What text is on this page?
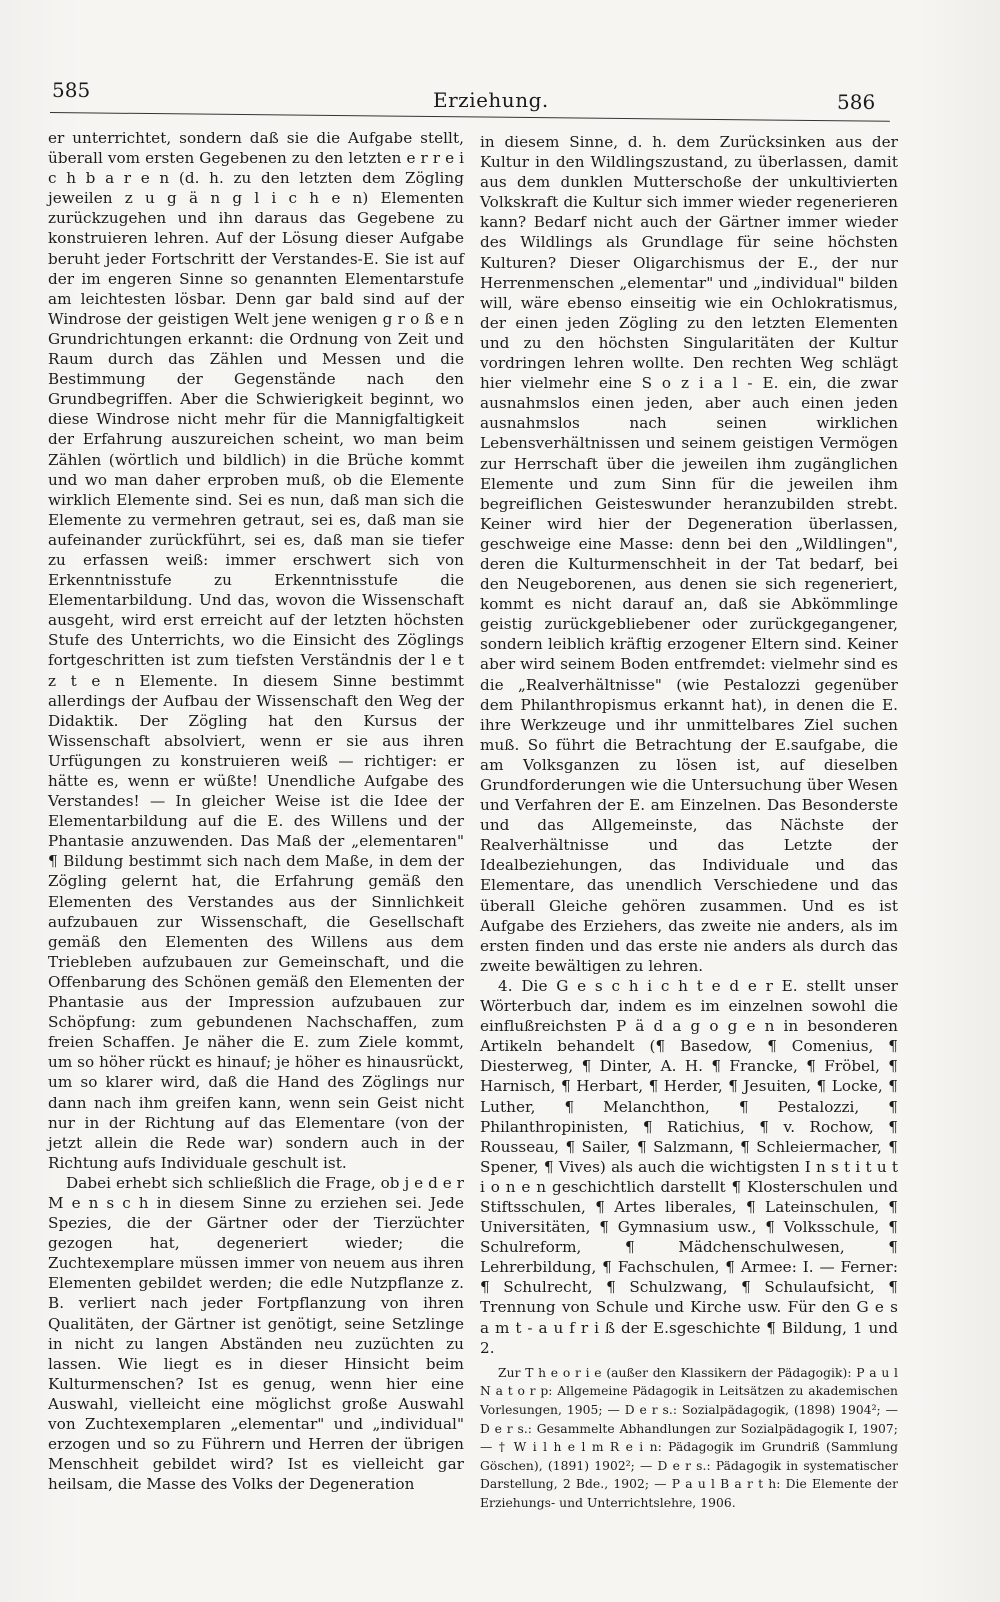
585	Erziehung.	586

er unterrichtet, sondern daß sie die Aufgabe stellt, überall vom ersten Gegebenen zu den letzten e r r e i c h b a r e n (d. h. zu den letzten dem Zögling jeweilen z u g ä n g l i c h e n) Elementen zurückzugehen und ihn daraus das Gegebene zu konstruieren lehren. Auf der Lösung dieser Aufgabe beruht jeder Fortschritt der Verstandes-E. Sie ist auf der im engeren Sinne so genannten Elementarstufe am leichtesten lösbar. Denn gar bald sind auf der Windrose der geistigen Welt jene wenigen g r o ß e n Grundrichtungen erkannt: die Ordnung von Zeit und Raum durch das Zählen und Messen und die Bestimmung der Gegenstände nach den Grundbegriffen. Aber die Schwierigkeit beginnt, wo diese Windrose nicht mehr für die Mannigfaltigkeit der Erfahrung auszureichen scheint, wo man beim Zählen (wörtlich und bildlich) in die Brüche kommt und wo man daher erproben muß, ob die Elemente wirklich Elemente sind. Sei es nun, daß man sich die Elemente zu vermehren getraut, sei es, daß man sie aufeinander zurückführt, sei es, daß man sie tiefer zu erfassen weiß: immer erschwert sich von Erkenntnisstufe zu Erkenntnisstufe die Elementarbildung. Und das, wovon die Wissenschaft ausgeht, wird erst erreicht auf der letzten höchsten Stufe des Unterrichts, wo die Einsicht des Zöglings fortgeschritten ist zum tiefsten Verständnis der l e t z t e n Elemente. In diesem Sinne bestimmt allerdings der Aufbau der Wissenschaft den Weg der Didaktik. Der Zögling hat den Kursus der Wissenschaft absolviert, wenn er sie aus ihren Urfügungen zu konstruieren weiß — richtiger: er hätte es, wenn er wüßte! Unendliche Aufgabe des Verstandes! — In gleicher Weise ist die Idee der Elementarbildung auf die E. des Willens und der Phantasie anzuwenden. Das Maß der „elementaren" ¶ Bildung bestimmt sich nach dem Maße, in dem der Zögling gelernt hat, die Erfahrung gemäß den Elementen des Verstandes aus der Sinnlichkeit aufzubauen zur Wissenschaft, die Gesellschaft gemäß den Elementen des Willens aus dem Triebleben aufzubauen zur Gemeinschaft, und die Offenbarung des Schönen gemäß den Elementen der Phantasie aus der Impression aufzubauen zur Schöpfung: zum gebundenen Nachschaffen, zum freien Schaffen. Je näher die E. zum Ziele kommt, um so höher rückt es hinauf; je höher es hinausrückt, um so klarer wird, daß die Hand des Zöglings nur dann nach ihm greifen kann, wenn sein Geist nicht nur in der Richtung auf das Elementare (von der jetzt allein die Rede war) sondern auch in der Richtung aufs Individuale geschult ist.

Dabei erhebt sich schließlich die Frage, ob j e d e r M e n s c h in diesem Sinne zu erziehen sei. Jede Spezies, die der Gärtner oder der Tierzüchter gezogen hat, degeneriert wieder; die Zuchtexemplare müssen immer von neuem aus ihren Elementen gebildet werden; die edle Nutzpflanze z. B. verliert nach jeder Fortpflanzung von ihren Qualitäten, der Gärtner ist genötigt, seine Setzlinge in nicht zu langen Abständen neu zuzüchten zu lassen. Wie liegt es in dieser Hinsicht beim Kulturmenschen? Ist es genug, wenn hier eine Auswahl, vielleicht eine möglichst große Auswahl von Zuchtexemplaren „elementar" und „individual" erzogen und so zu Führern und Herren der übrigen Menschheit gebildet wird? Ist es vielleicht gar heilsam, die Masse des Volks der Degeneration

in diesem Sinne, d. h. dem Zurücksinken aus der Kultur in den Wildlingszustand, zu überlassen, damit aus dem dunklen Mutterschoße der unkultivierten Volkskraft die Kultur sich immer wieder regenerieren kann? Bedarf nicht auch der Gärtner immer wieder des Wildlings als Grundlage für seine höchsten Kulturen? Dieser Oligarchismus der E., der nur Herrenmenschen „elementar" und „individual" bilden will, wäre ebenso einseitig wie ein Ochlokratismus, der einen jeden Zögling zu den letzten Elementen und zu den höchsten Singularitäten der Kultur vordringen lehren wollte. Den rechten Weg schlägt hier vielmehr eine S o z i a l - E. ein, die zwar ausnahmslos einen jeden, aber auch einen jeden ausnahmslos nach seinen wirklichen Lebensverhältnissen und seinem geistigen Vermögen zur Herrschaft über die jeweilen ihm zugänglichen Elemente und zum Sinn für die jeweilen ihm begreiflichen Geisteswunder heranzubilden strebt. Keiner wird hier der Degeneration überlassen, geschweige eine Masse: denn bei den „Wildlingen", deren die Kulturmenschheit in der Tat bedarf, bei den Neugeborenen, aus denen sie sich regeneriert, kommt es nicht darauf an, daß sie Abkömmlinge geistig zurückgebliebener oder zurückgegangener, sondern leiblich kräftig erzogener Eltern sind. Keiner aber wird seinem Boden entfremdet: vielmehr sind es die „Realverhältnisse" (wie Pestalozzi gegenüber dem Philanthropismus erkannt hat), in denen die E. ihre Werkzeuge und ihr unmittelbares Ziel suchen muß. So führt die Betrachtung der E.saufgabe, die am Volksganzen zu lösen ist, auf dieselben Grundforderungen wie die Untersuchung über Wesen und Verfahren der E. am Einzelnen. Das Besonderste und das Allgemeinste, das Nächste der Realverhältnisse und das Letzte der Idealbeziehungen, das Individuale und das Elementare, das unendlich Verschiedene und das überall Gleiche gehören zusammen. Und es ist Aufgabe des Erziehers, das zweite nie anders, als im ersten finden und das erste nie anders als durch das zweite bewältigen zu lehren.

4. Die G e s c h i c h t e d e r E. stellt unser Wörterbuch dar, indem es im einzelnen sowohl die einflußreichsten P ä d a g o g e n in besonderen Artikeln behandelt (¶ Basedow, ¶ Comenius, ¶ Diesterweg, ¶ Dinter, A. H. ¶ Francke, ¶ Fröbel, ¶ Harnisch, ¶ Herbart, ¶ Herder, ¶ Jesuiten, ¶ Locke, ¶ Luther, ¶ Melanchthon, ¶ Pestalozzi, ¶ Philanthropinisten, ¶ Ratichius, ¶ v. Rochow, ¶ Rousseau, ¶ Sailer, ¶ Salzmann, ¶ Schleiermacher, ¶ Spener, ¶ Vives) als auch die wichtigsten I n s t i t u t i o n e n geschichtlich darstellt ¶ Klosterschulen und Stiftsschulen, ¶ Artes liberales, ¶ Lateinschulen, ¶ Universitäten, ¶ Gymnasium usw., ¶ Volksschule, ¶ Schulreform, ¶ Mädchenschulwesen, ¶ Lehrerbildung, ¶ Fachschulen, ¶ Armee: I. — Ferner: ¶ Schulrecht, ¶ Schulzwang, ¶ Schulaufsicht, ¶ Trennung von Schule und Kirche usw. Für den G e s a m t - a u f r i ß der E.sgeschichte ¶ Bildung, 1 und 2.

Zur T h e o r i e (außer den Klassikern der Pädagogik): P a u l N a t o r p: Allgemeine Pädagogik in Leitsätzen zu akademischen Vorlesungen, 1905; — D e r s.: Sozialpädagogik, (1898) 1904²; — D e r s.: Gesammelte Abhandlungen zur Sozialpädagogik I, 1907; — † W i l h e l m R e i n: Pädagogik im Grundriß (Sammlung Göschen), (1891) 1902²; — D e r s.: Pädagogik in systematischer Darstellung, 2 Bde., 1902; — P a u l B a r t h: Die Elemente der Erziehungs- und Unterrichtslehre, 1906.
